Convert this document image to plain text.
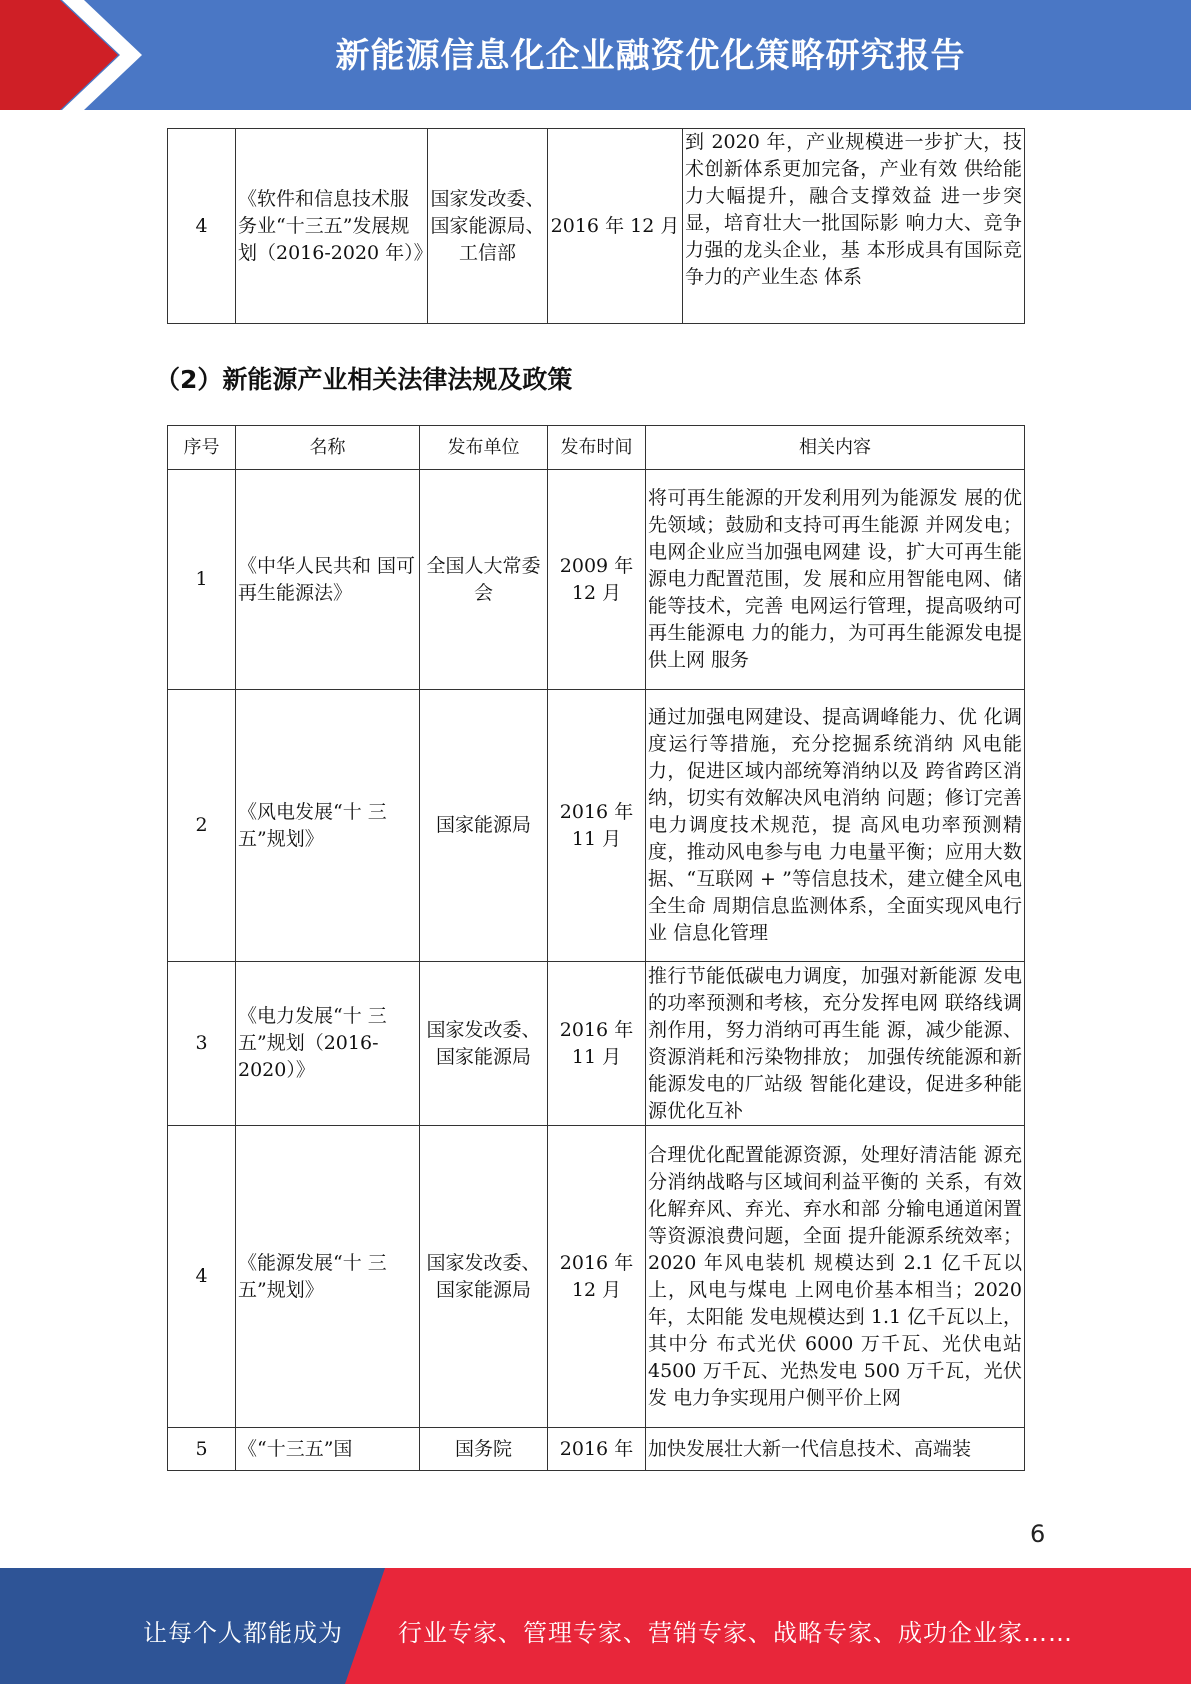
新能源信息化企业融资优化策略研究报告
4	《软件和信息技术服务业“十三五”发展规划（2016-2020 年）》	国家发改委、国家能源局、工信部	2016 年 12 月	到 2020 年，产业规模进一步扩大，技术创新体系更加完备，产业有效 供给能力大幅提升，融合支撑效益 进一步突显，培育壮大一批国际影 响力大、竞争力强的龙头企业，基 本形成具有国际竞争力的产业生态 体系
（2）新能源产业相关法律法规及政策
序号	名称	发布单位	发布时间	相关内容
1	《中华人民共和 国可再生能源法》	全国人大常委会	2009 年 12 月	将可再生能源的开发利用列为能源发 展的优先领域；鼓励和支持可再生能源 并网发电；电网企业应当加强电网建 设，扩大可再生能源电力配置范围，发 展和应用智能电网、储能等技术，完善 电网运行管理，提高吸纳可再生能源电 力的能力，为可再生能源发电提供上网 服务
2	《风电发展“十 三五”规划》	国家能源局	2016 年 11 月	通过加强电网建设、提高调峰能力、优 化调度运行等措施，充分挖掘系统消纳 风电能力，促进区域内部统筹消纳以及 跨省跨区消纳，切实有效解决风电消纳 问题；修订完善电力调度技术规范，提 高风电功率预测精度，推动风电参与电 力电量平衡；应用大数据、“互联网 + ”等信息技术，建立健全风电全生命 周期信息监测体系，全面实现风电行业 信息化管理
3	《电力发展“十 三五”规划（2016-2020）》	国家发改委、国家能源局	2016 年 11 月	推行节能低碳电力调度，加强对新能源 发电的功率预测和考核，充分发挥电网 联络线调剂作用，努力消纳可再生能 源，减少能源、资源消耗和污染物排放； 加强传统能源和新能源发电的厂站级 智能化建设，促进多种能源优化互补
4	《能源发展“十 三五”规划》	国家发改委、国家能源局	2016 年 12 月	合理优化配置能源资源，处理好清洁能 源充分消纳战略与区域间利益平衡的 关系，有效化解弃风、弃光、弃水和部 分输电通道闲置等资源浪费问题，全面 提升能源系统效率；2020 年风电装机 规模达到 2.1 亿千瓦以上，风电与煤电 上网电价基本相当；2020 年，太阳能 发电规模达到 1.1 亿千瓦以上，其中分 布式光伏 6000 万千瓦、光伏电站 4500 万千瓦、光热发电 500 万千瓦，光伏发 电力争实现用户侧平价上网
5	《“十三五”国	国务院	2016 年	加快发展壮大新一代信息技术、高端装
6
让每个人都能成为 行业专家、管理专家、营销专家、战略专家、成功企业家……
